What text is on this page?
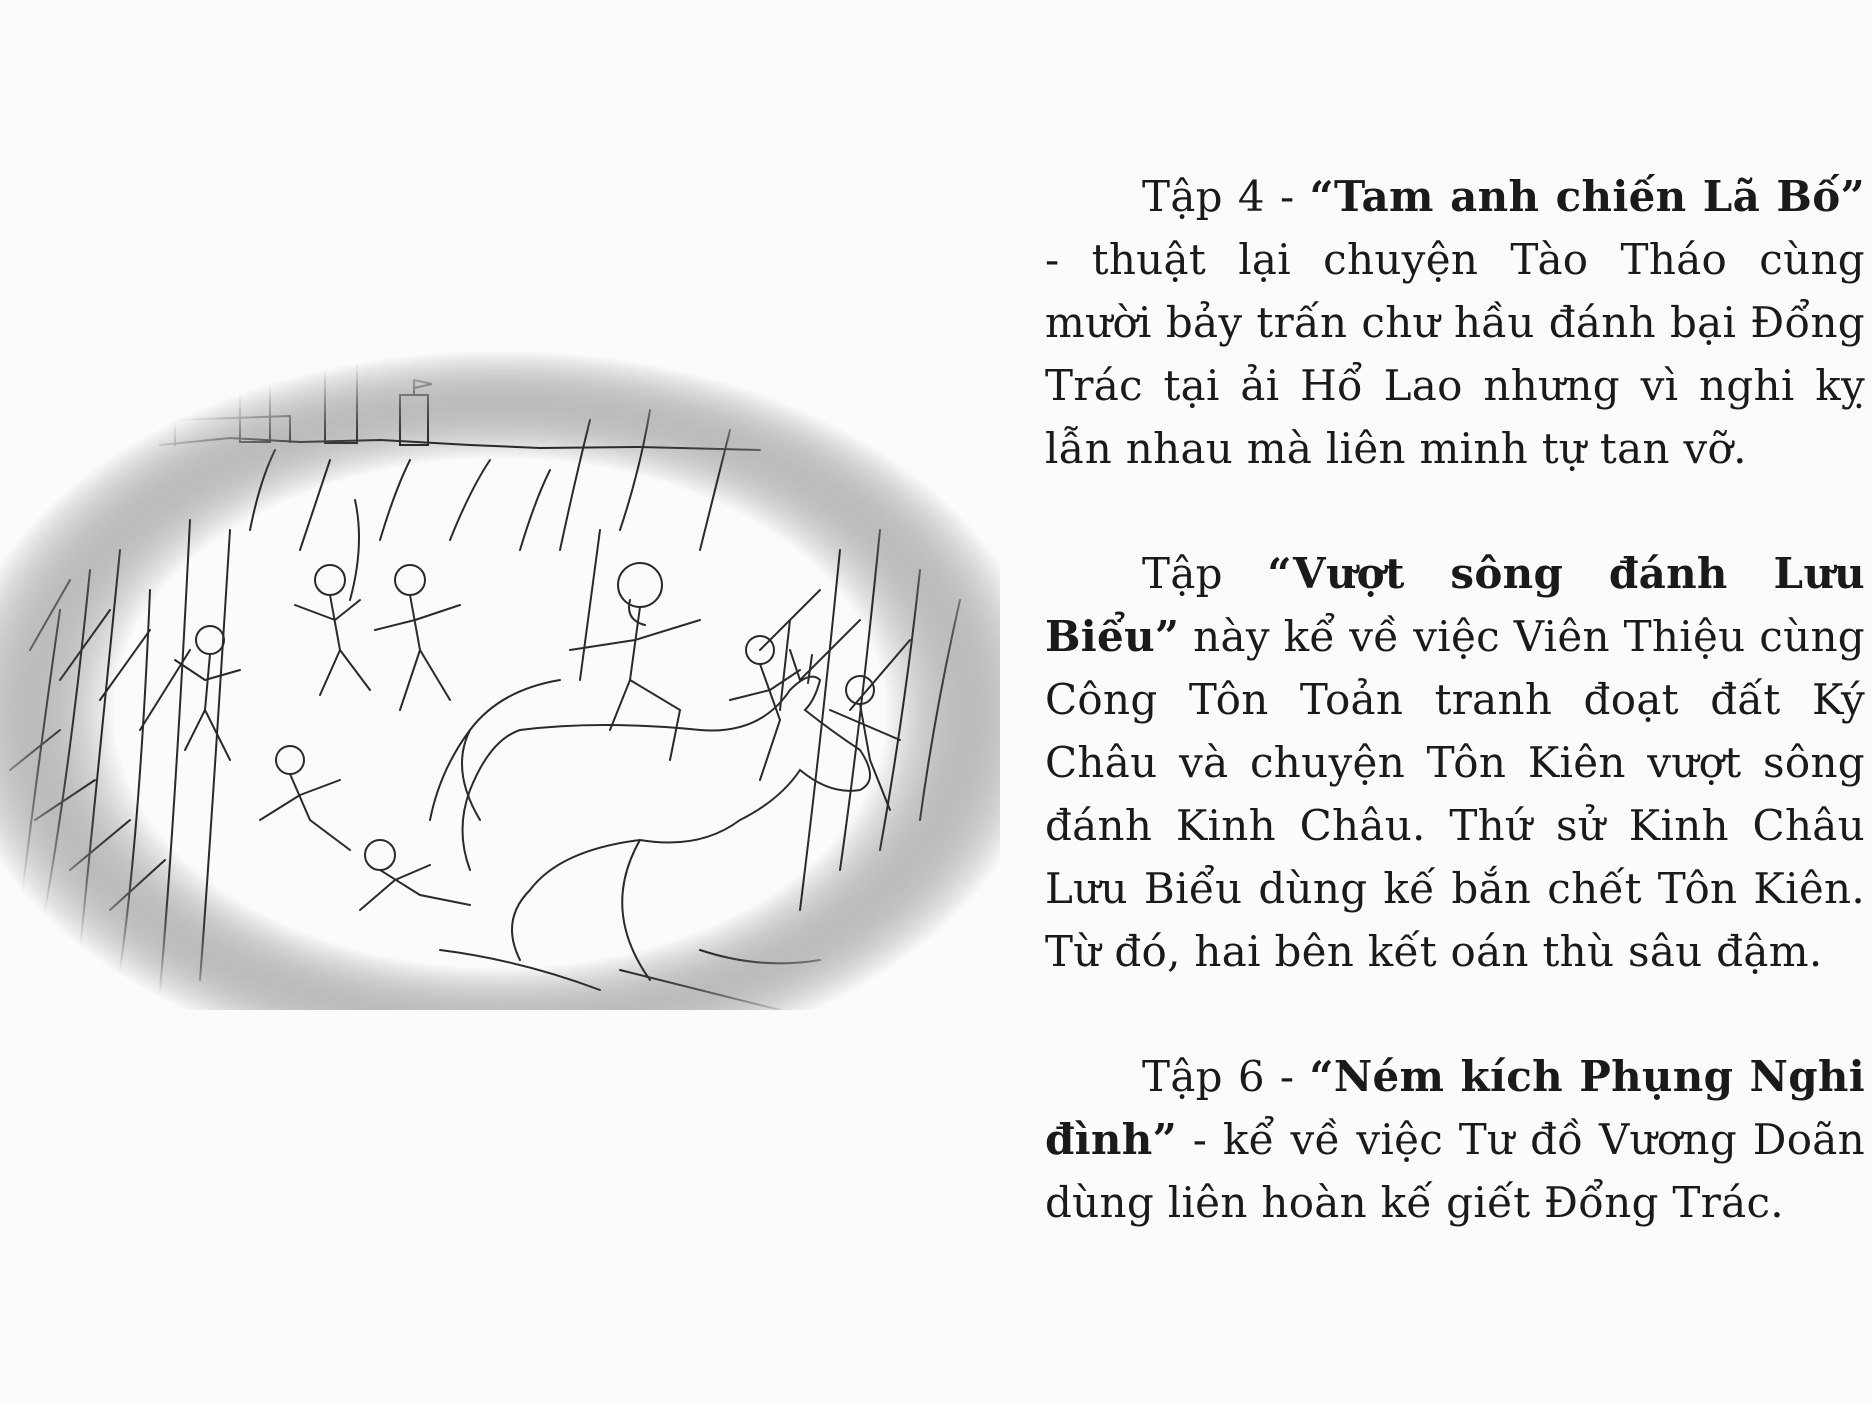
Tập 4 - “Tam anh chiến Lã Bố” - thuật lại chuyện Tào Tháo cùng mười bảy trấn chư hầu đánh bại Đổng Trác tại ải Hổ Lao nhưng vì nghi kỵ lẫn nhau mà liên minh tự tan vỡ.

Tập “Vượt sông đánh Lưu Biểu” này kể về việc Viên Thiệu cùng Công Tôn Toản tranh đoạt đất Ký Châu và chuyện Tôn Kiên vượt sông đánh Kinh Châu. Thứ sử Kinh Châu Lưu Biểu dùng kế bắn chết Tôn Kiên. Từ đó, hai bên kết oán thù sâu đậm.

Tập 6 - “Ném kích Phụng Nghi đình” - kể về việc Tư đồ Vương Doãn dùng liên hoàn kế giết Đổng Trác.
